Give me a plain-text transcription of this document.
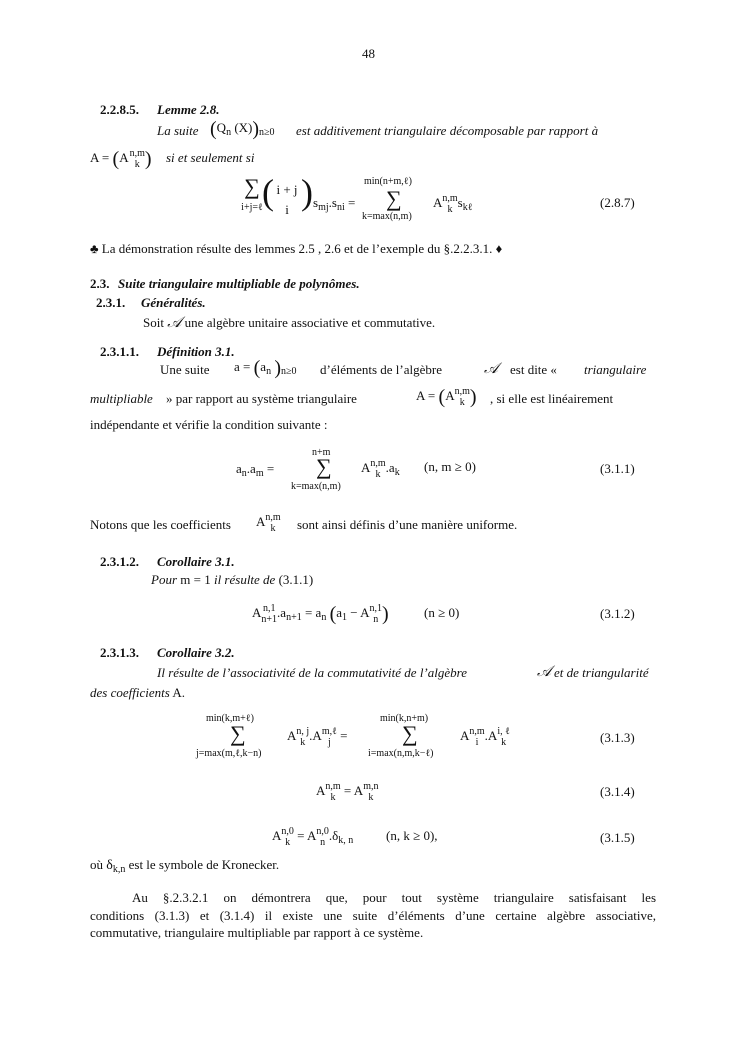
48
2.2.8.5. Lemme 2.8.
La suite ($Q_n$ $(X))_{n\ge 0}$ est additivement triangulaire décomposable par rapport à
A = (An,m
k ) si et seulement si
∑
i+j=ℓ ( i + j
i ) $s_{mj}.s_{ni}$ =
min(n+m,ℓ)
∑
k=max(n,m)
An,m
k $s_{k\ell}$	(2.8.7)
♣ La démonstration résulte des lemmes 2.5 , 2.6 et de l’exemple du §.2.2.3.1. ♦
2.3. Suite triangulaire multipliable de polynômes.
2.3.1. Généralités.
Soit 𝒜 une algèbre unitaire associative et commutative.
2.3.1.1. Définition 3.1.
Une suite $a = (a_n$ )$_{n\ge 0}$ d’éléments de l’algèbre	𝒜 est dite « triangulaire
multipliable » par rapport au système triangulaire	A = (An,m
k ) , si elle est linéairement
indépendante et vérifie la condition suivante :
$a_n.a_m$ =
n+m
∑
k=max(n,m)
An,m
k $.a_k$ (n, m ≥ 0)	(3.1.1)
Notons que les coefficients An,m
k	sont ainsi définis d’une manière uniforme.
2.3.1.2. Corollaire 3.1.
Pour m = 1 il résulte de (3.1.1)
A n,1
$n+1.a_{n+1} = a_n$ ($a_1 - An,1$
n )	(n ≥ 0)	(3.1.2)
2.3.1.3. Corollaire 3.2.
Il résulte de l’associativité de la commutativité de l’algèbre	𝒜 et de triangularité
des coefficients A.
min(k,m+ℓ)
∑
j=max(m,ℓ,k−n)
An, j
k .Am,ℓ
j =
min(k,n+m)
∑
i=max(n,m,k−ℓ)
An,m
i .Ai, ℓ
k	(3.1.3)
An,m
k = Am,n
k	(3.1.4)
An,0
k = An,0
n $.\delta_{k, n}$	(n, k ≥ 0),	(3.1.5)
où $\delta_{k,n}$ est le symbole de Kronecker.
Au §.2.3.2.1 on démontrera que, pour tout système triangulaire satisfaisant les
conditions (3.1.3) et (3.1.4) il existe une suite d’éléments d’une certaine algèbre associative,
commutative, triangulaire multipliable par rapport à ce système.
